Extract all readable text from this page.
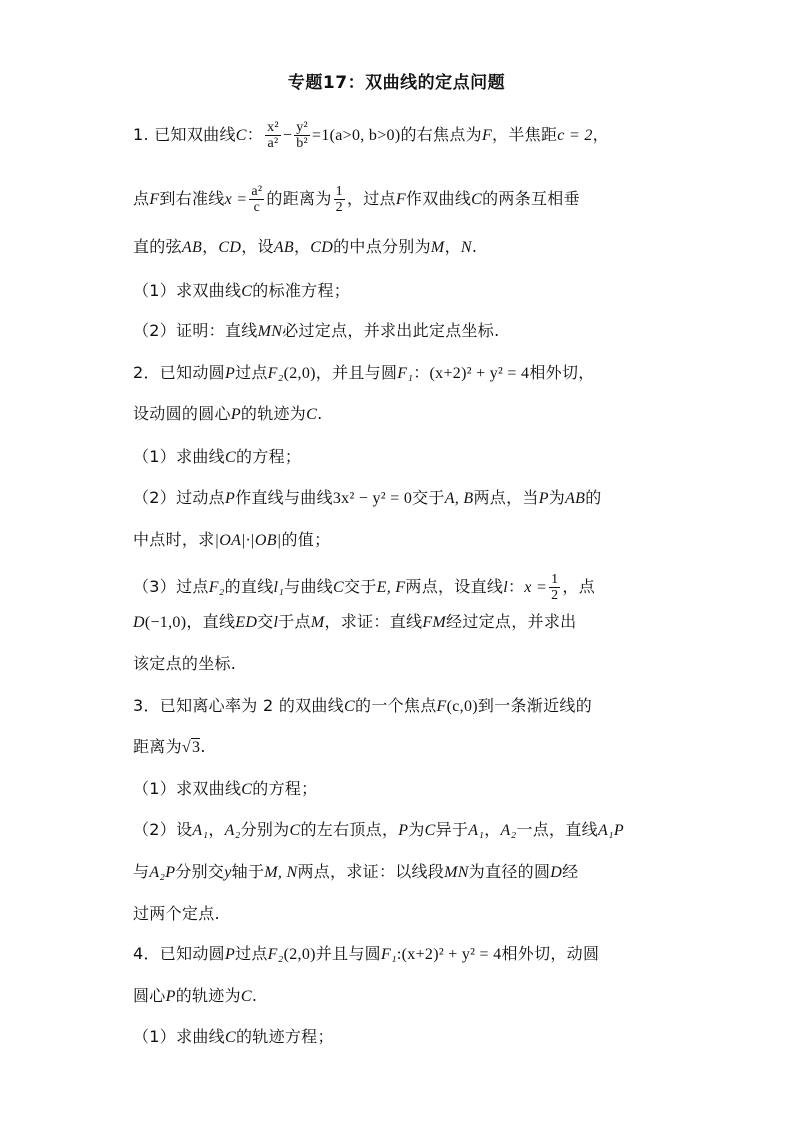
专题17：双曲线的定点问题
1. 已知双曲线C： $\frac{\text{x²}}{\text{a²}} - \frac{\text{y²}}{\text{b²}} =1(a>0$, b>0)的右焦点为F，半焦距c = 2，
点F到右准线$x = \frac{\text{a²}}{c}$ 的距离为 $\frac{1}{2}$ ，过点F作双曲线C的两条互相垂
直的弦AB，CD，设AB，CD的中点分别为M，N.
（1）求双曲线C的标准方程；
（2）证明：直线MN必过定点，并求出此定点坐标.
2．已知动圆P过点F₂(2,0)，并且与圆F₁：(x+2)² + y² = 4相外切，
设动圆的圆心P的轨迹为C.
（1）求曲线C的方程；
（2）过动点P作直线与曲线3x² − y² = 0交于A, B两点，当P为AB的
中点时，求|OA|·|OB|的值；
（3）过点F₂的直线l₁与曲线C交于E, F两点，设直线l：$x = \frac{1}{2}$ ，点
D(−1,0)，直线ED交l于点M，求证：直线FM经过定点，并求出
该定点的坐标.
3．已知离心率为 2 的双曲线C的一个焦点F(c,0)到一条渐近线的
距离为√3.
（1）求双曲线C的方程；
（2）设A₁，A₂分别为C的左右顶点，P为C异于A₁，A₂一点，直线A₁P
与A₂P分别交y轴于M, N两点，求证：以线段MN为直径的圆D经
过两个定点.
4．已知动圆P过点F₂(2,0)并且与圆F₁:(x+2)² + y² = 4相外切，动圆
圆心P的轨迹为C.
（1）求曲线C的轨迹方程；
